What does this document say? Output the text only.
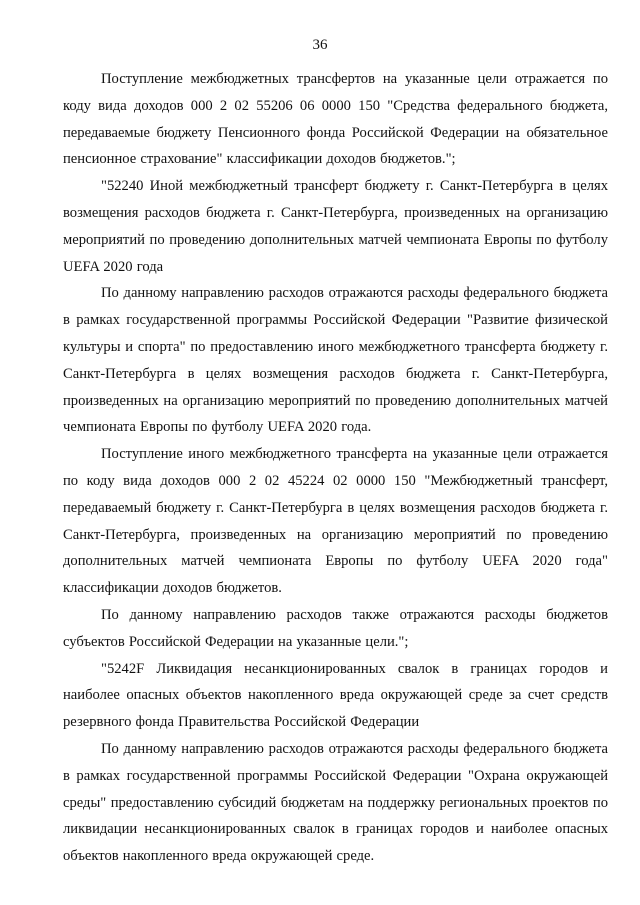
36

Поступление межбюджетных трансфертов на указанные цели отражается по коду вида доходов 000 2 02 55206 06 0000 150 "Средства федерального бюджета, передаваемые бюджету Пенсионного фонда Российской Федерации на обязательное пенсионное страхование" классификации доходов бюджетов.";

"52240 Иной межбюджетный трансферт бюджету г. Санкт-Петербурга в целях возмещения расходов бюджета г. Санкт-Петербурга, произведенных на организацию мероприятий по проведению дополнительных матчей чемпионата Европы по футболу UEFA 2020 года

По данному направлению расходов отражаются расходы федерального бюджета в рамках государственной программы Российской Федерации "Развитие физической культуры и спорта" по предоставлению иного межбюджетного трансферта бюджету г. Санкт-Петербурга в целях возмещения расходов бюджета г. Санкт-Петербурга, произведенных на организацию мероприятий по проведению дополнительных матчей чемпионата Европы по футболу UEFA 2020 года.

Поступление иного межбюджетного трансферта на указанные цели отражается по коду вида доходов 000 2 02 45224 02 0000 150 "Межбюджетный трансферт, передаваемый бюджету г. Санкт-Петербурга в целях возмещения расходов бюджета г. Санкт-Петербурга, произведенных на организацию мероприятий по проведению дополнительных матчей чемпионата Европы по футболу UEFA 2020 года" классификации доходов бюджетов.

По данному направлению расходов также отражаются расходы бюджетов субъектов Российской Федерации на указанные цели.";

"5242F Ликвидация несанкционированных свалок в границах городов и наиболее опасных объектов накопленного вреда окружающей среде за счет средств резервного фонда Правительства Российской Федерации

По данному направлению расходов отражаются расходы федерального бюджета в рамках государственной программы Российской Федерации "Охрана окружающей среды" предоставлению субсидий бюджетам на поддержку региональных проектов по ликвидации несанкционированных свалок в границах городов и наиболее опасных объектов накопленного вреда окружающей среде.
